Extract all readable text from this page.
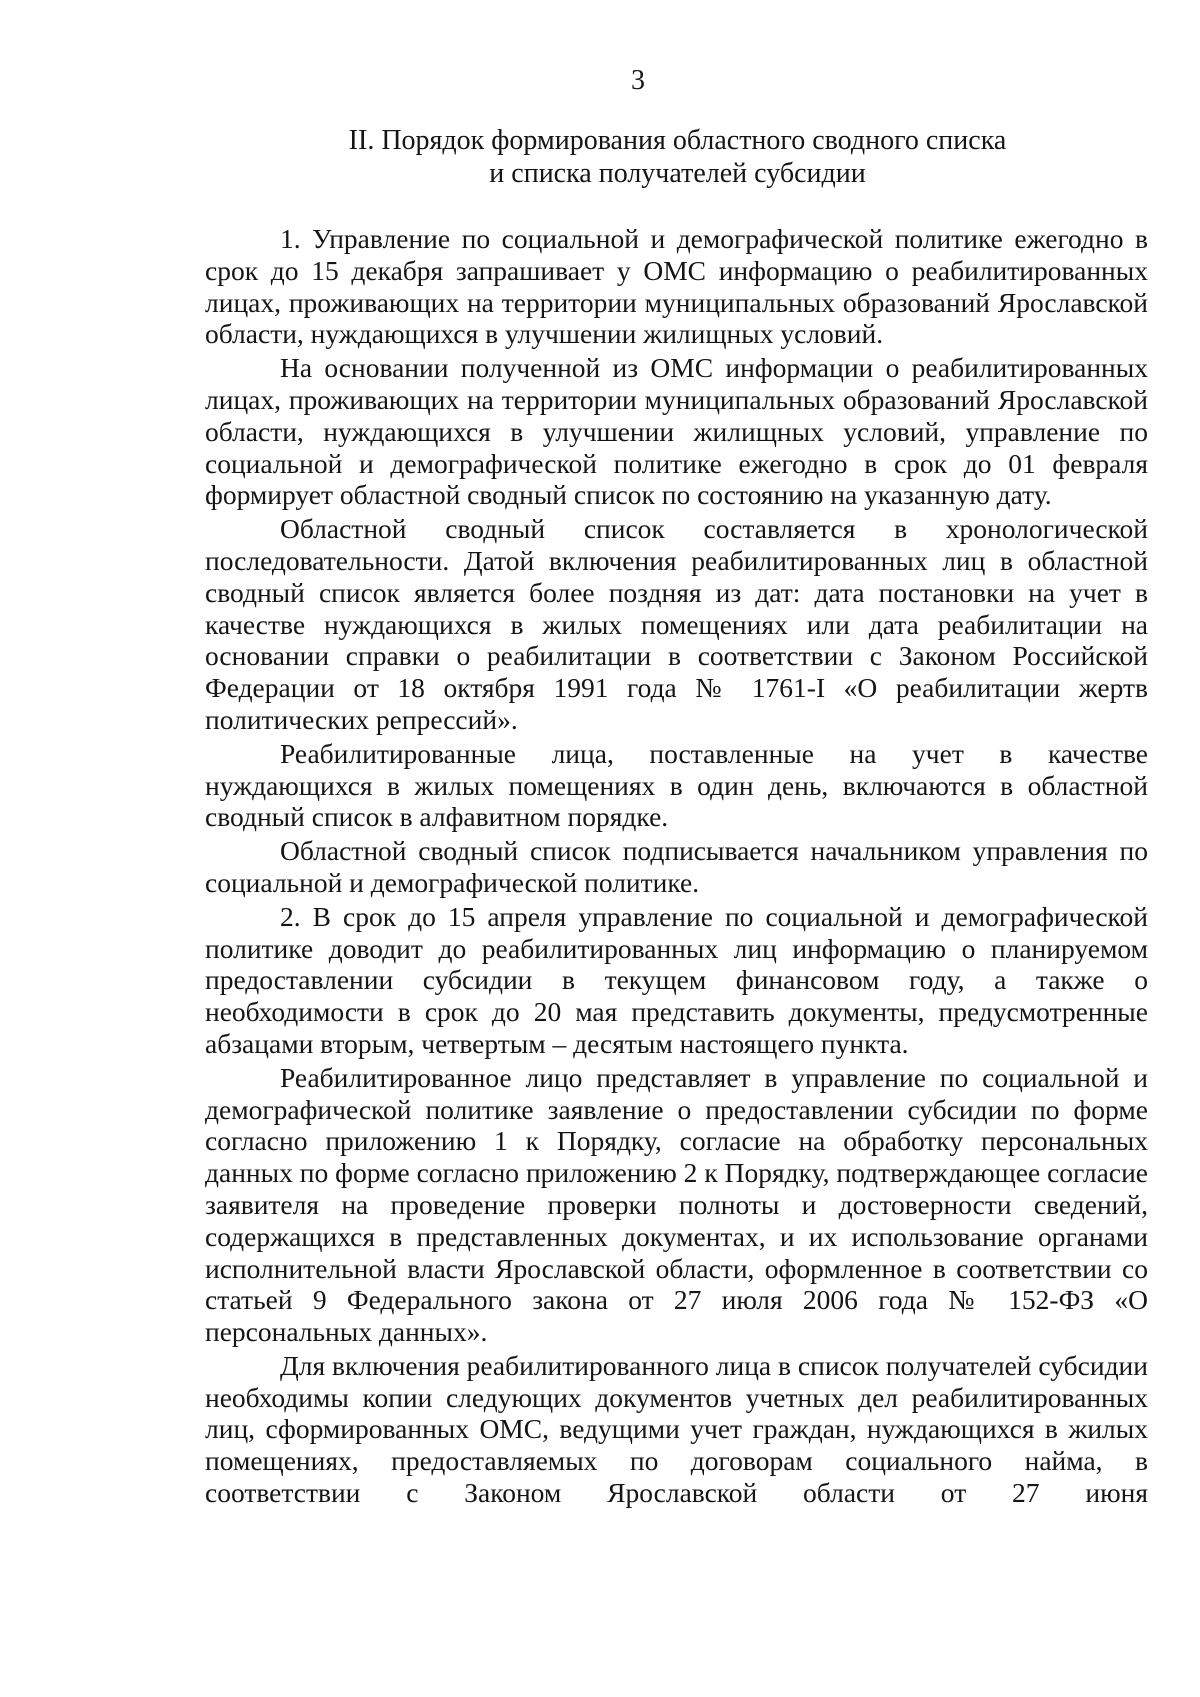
3
II. Порядок формирования областного сводного списка
и списка получателей субсидии

1. Управление по социальной и демографической политике ежегодно в срок до 15 декабря запрашивает у ОМС информацию о реабилитированных лицах, проживающих на территории муниципальных образований Ярославской области, нуждающихся в улучшении жилищных условий.

На основании полученной из ОМС информации о реабилитированных лицах, проживающих на территории муниципальных образований Ярославской области, нуждающихся в улучшении жилищных условий, управление по социальной и демографической политике ежегодно в срок до 01 февраля формирует областной сводный список по состоянию на указанную дату.

Областной сводный список составляется в хронологической последовательности. Датой включения реабилитированных лиц в областной сводный список является более поздняя из дат: дата постановки на учет в качестве нуждающихся в жилых помещениях или дата реабилитации на основании справки о реабилитации в соответствии с Законом Российской Федерации от 18 октября 1991 года № 1761-I «О реабилитации жертв политических репрессий».

Реабилитированные лица, поставленные на учет в качестве нуждающихся в жилых помещениях в один день, включаются в областной сводный список в алфавитном порядке.

Областной сводный список подписывается начальником управления по социальной и демографической политике.

2. В срок до 15 апреля управление по социальной и демографической политике доводит до реабилитированных лиц информацию о планируемом предоставлении субсидии в текущем финансовом году, а также о необходимости в срок до 20 мая представить документы, предусмотренные абзацами вторым, четвертым – десятым настоящего пункта.

Реабилитированное лицо представляет в управление по социальной и демографической политике заявление о предоставлении субсидии по форме согласно приложению 1 к Порядку, согласие на обработку персональных данных по форме согласно приложению 2 к Порядку, подтверждающее согласие заявителя на проведение проверки полноты и достоверности сведений, содержащихся в представленных документах, и их использование органами исполнительной власти Ярославской области, оформленное в соответствии со статьей 9 Федерального закона от 27 июля 2006 года № 152-ФЗ «О персональных данных».

Для включения реабилитированного лица в список получателей субсидии необходимы копии следующих документов учетных дел реабилитированных лиц, сформированных ОМС, ведущими учет граждан, нуждающихся в жилых помещениях, предоставляемых по договорам социального найма, в соответствии с Законом Ярославской области от 27 июня
